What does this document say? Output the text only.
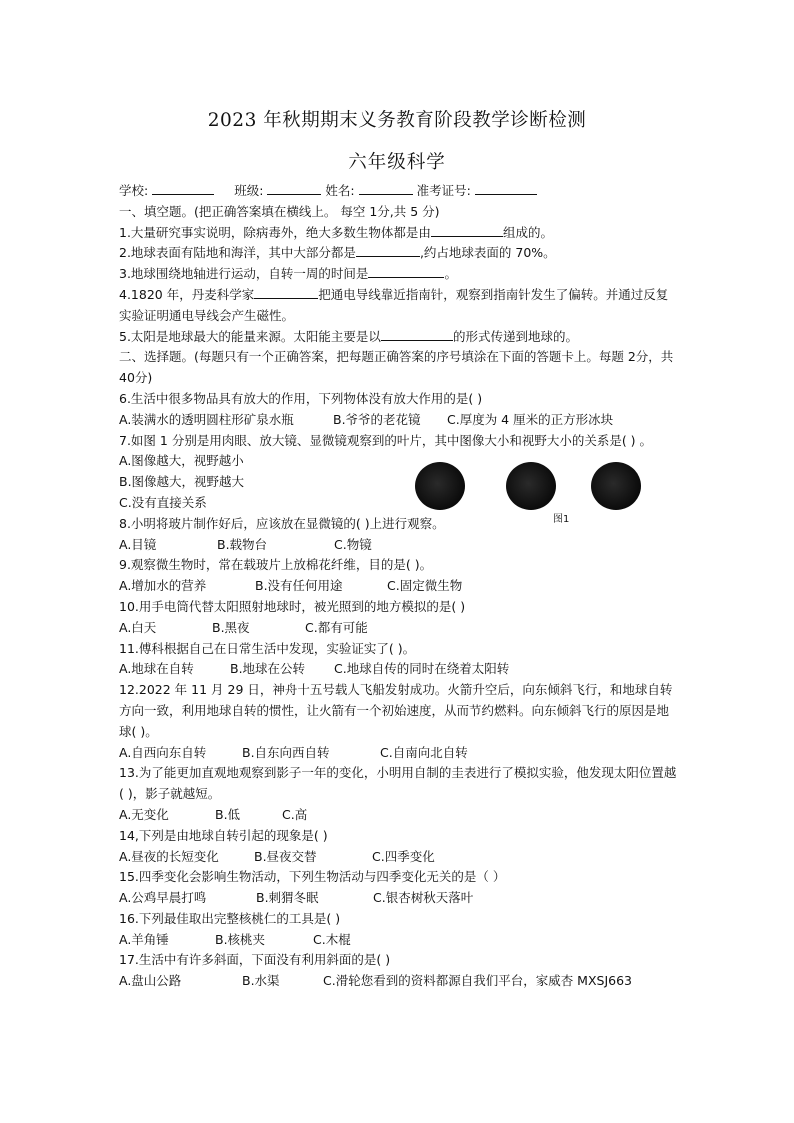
2023 年秋期期末义务教育阶段教学诊断检测
六年级科学
学校:	班级:	姓名:	准考证号:
一、填空题。(把正确答案填在横线上。 每空 1分,共 5 分)
1.大量研究事实说明，除病毒外，绝大多数生物体都是由	组成的。
2.地球表面有陆地和海洋，其中大部分都是	,约占地球表面的 70%。
3.地球围绕地轴进行运动，自转一周的时间是	。
4.1820 年，丹麦科学家	把通电导线靠近指南针，观察到指南针发生了偏转。并通过反复实验证明通电导线会产生磁性。
5.太阳是地球最大的能量来源。太阳能主要是以	的形式传递到地球的。
二、选择题。(每题只有一个正确答案，把每题正确答案的序号填涂在下面的答题卡上。每题 2分，共 40分)
6.生活中很多物品具有放大的作用，下列物体没有放大作用的是( )
A.装满水的透明圆柱形矿泉水瓶	B.爷爷的老花镜 C.厚度为 4 厘米的正方形冰块
7.如图 1 分别是用肉眼、放大镜、显微镜观察到的叶片，其中图像大小和视野大小的关系是( ) 。
A.图像越大，视野越小
B.图像越大，视野越大
C.没有直接关系
8.小明将玻片制作好后，应该放在显微镜的( )上进行观察。
A.目镜	B.载物台	C.物镜
9.观察微生物时，常在载玻片上放棉花纤维，目的是( )。
A.增加水的营养	B.没有任何用途	C.固定微生物
10.用手电筒代替太阳照射地球时，被光照到的地方模拟的是( )
A.白天	B.黑夜	C.都有可能
11.傅科根据自己在日常生活中发现，实验证实了( )。
A.地球在自转	B.地球在公转 C.地球自传的同时在绕着太阳转
12.2022 年 11 月 29 日，神舟十五号载人飞船发射成功。火箭升空后，向东倾斜飞行，和地球自转方向一致，利用地球自转的惯性，让火箭有一个初始速度，从而节约燃料。向东倾斜飞行的原因是地球( )。
A.自西向东自转	B.自东向西自转	C.自南向北自转
13.为了能更加直观地观察到影子一年的变化，小明用自制的圭表进行了模拟实验，他发现太阳位置越( )，影子就越短。
A.无变化	B.低	C.高
14,下列是由地球自转引起的现象是( )
A.昼夜的长短变化	B.昼夜交替	C.四季变化
15.四季变化会影响生物活动，下列生物活动与四季变化无关的是（ ）
A.公鸡早晨打鸣	B.刺猬冬眠	C.银杏树秋天落叶
16.下列最佳取出完整核桃仁的工具是( )
A.羊角锤	B.核桃夹	C.木棍
17.生活中有许多斜面，下面没有利用斜面的是( )
A.盘山公路	B.水渠	C.滑轮您看到的资料都源自我们平台，家威杏 MXSJ663
图1
